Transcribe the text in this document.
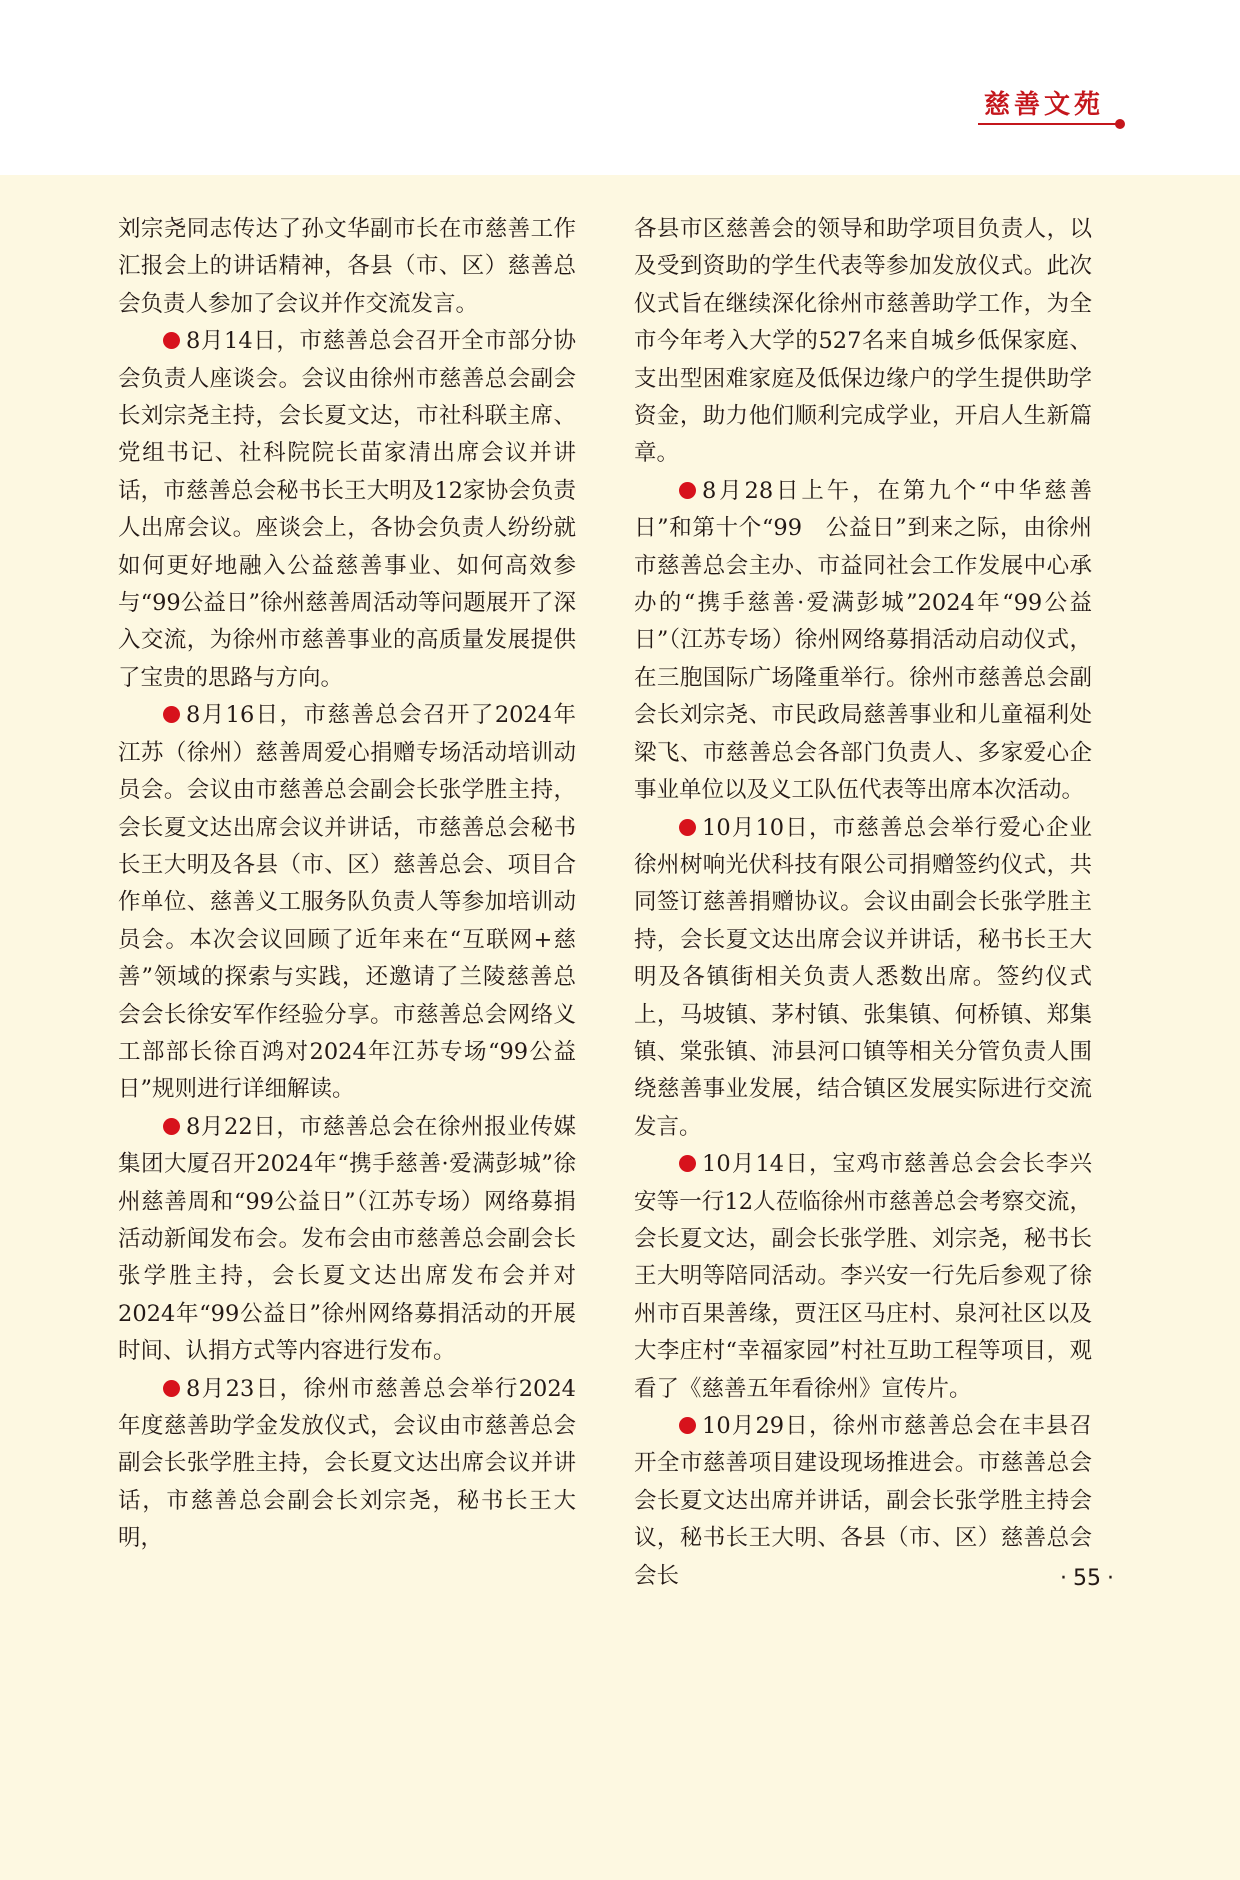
慈善文苑

刘宗尧同志传达了孙文华副市长在市慈善工作汇报会上的讲话精神，各县（市、区）慈善总会负责人参加了会议并作交流发言。

8月14日，市慈善总会召开全市部分协会负责人座谈会。会议由徐州市慈善总会副会长刘宗尧主持，会长夏文达，市社科联主席、党组书记、社科院院长苗家清出席会议并讲话，市慈善总会秘书长王大明及12家协会负责人出席会议。座谈会上，各协会负责人纷纷就如何更好地融入公益慈善事业、如何高效参与“99公益日”徐州慈善周活动等问题展开了深入交流，为徐州市慈善事业的高质量发展提供了宝贵的思路与方向。

8月16日，市慈善总会召开了2024年江苏（徐州）慈善周爱心捐赠专场活动培训动员会。会议由市慈善总会副会长张学胜主持，会长夏文达出席会议并讲话，市慈善总会秘书长王大明及各县（市、区）慈善总会、项目合作单位、慈善义工服务队负责人等参加培训动员会。本次会议回顾了近年来在“互联网+慈善”领域的探索与实践，还邀请了兰陵慈善总会会长徐安军作经验分享。市慈善总会网络义工部部长徐百鸿对2024年江苏专场“99公益日”规则进行详细解读。

8月22日，市慈善总会在徐州报业传媒集团大厦召开2024年“携手慈善·爱满彭城”徐州慈善周和“99公益日”（江苏专场）网络募捐活动新闻发布会。发布会由市慈善总会副会长张学胜主持，会长夏文达出席发布会并对2024年“99公益日”徐州网络募捐活动的开展时间、认捐方式等内容进行发布。

8月23日，徐州市慈善总会举行2024年度慈善助学金发放仪式，会议由市慈善总会副会长张学胜主持，会长夏文达出席会议并讲话，市慈善总会副会长刘宗尧，秘书长王大明，

各县市区慈善会的领导和助学项目负责人，以及受到资助的学生代表等参加发放仪式。此次仪式旨在继续深化徐州市慈善助学工作，为全市今年考入大学的527名来自城乡低保家庭、支出型困难家庭及低保边缘户的学生提供助学资金，助力他们顺利完成学业，开启人生新篇章。

8月28日上午，在第九个“中华慈善日”和第十个“99　公益日”到来之际，由徐州市慈善总会主办、市益同社会工作发展中心承办的“携手慈善·爱满彭城”2024年“99公益日”（江苏专场）徐州网络募捐活动启动仪式，在三胞国际广场隆重举行。徐州市慈善总会副会长刘宗尧、市民政局慈善事业和儿童福利处梁飞、市慈善总会各部门负责人、多家爱心企事业单位以及义工队伍代表等出席本次活动。

10月10日，市慈善总会举行爱心企业徐州树响光伏科技有限公司捐赠签约仪式，共同签订慈善捐赠协议。会议由副会长张学胜主持，会长夏文达出席会议并讲话，秘书长王大明及各镇街相关负责人悉数出席。签约仪式上，马坡镇、茅村镇、张集镇、何桥镇、郑集镇、棠张镇、沛县河口镇等相关分管负责人围绕慈善事业发展，结合镇区发展实际进行交流发言。

10月14日，宝鸡市慈善总会会长李兴安等一行12人莅临徐州市慈善总会考察交流，会长夏文达，副会长张学胜、刘宗尧，秘书长王大明等陪同活动。李兴安一行先后参观了徐州市百果善缘，贾汪区马庄村、泉河社区以及大李庄村“幸福家园”村社互助工程等项目，观看了《慈善五年看徐州》宣传片。

10月29日，徐州市慈善总会在丰县召开全市慈善项目建设现场推进会。市慈善总会会长夏文达出席并讲话，副会长张学胜主持会议，秘书长王大明、各县（市、区）慈善总会会长	· 55 ·
